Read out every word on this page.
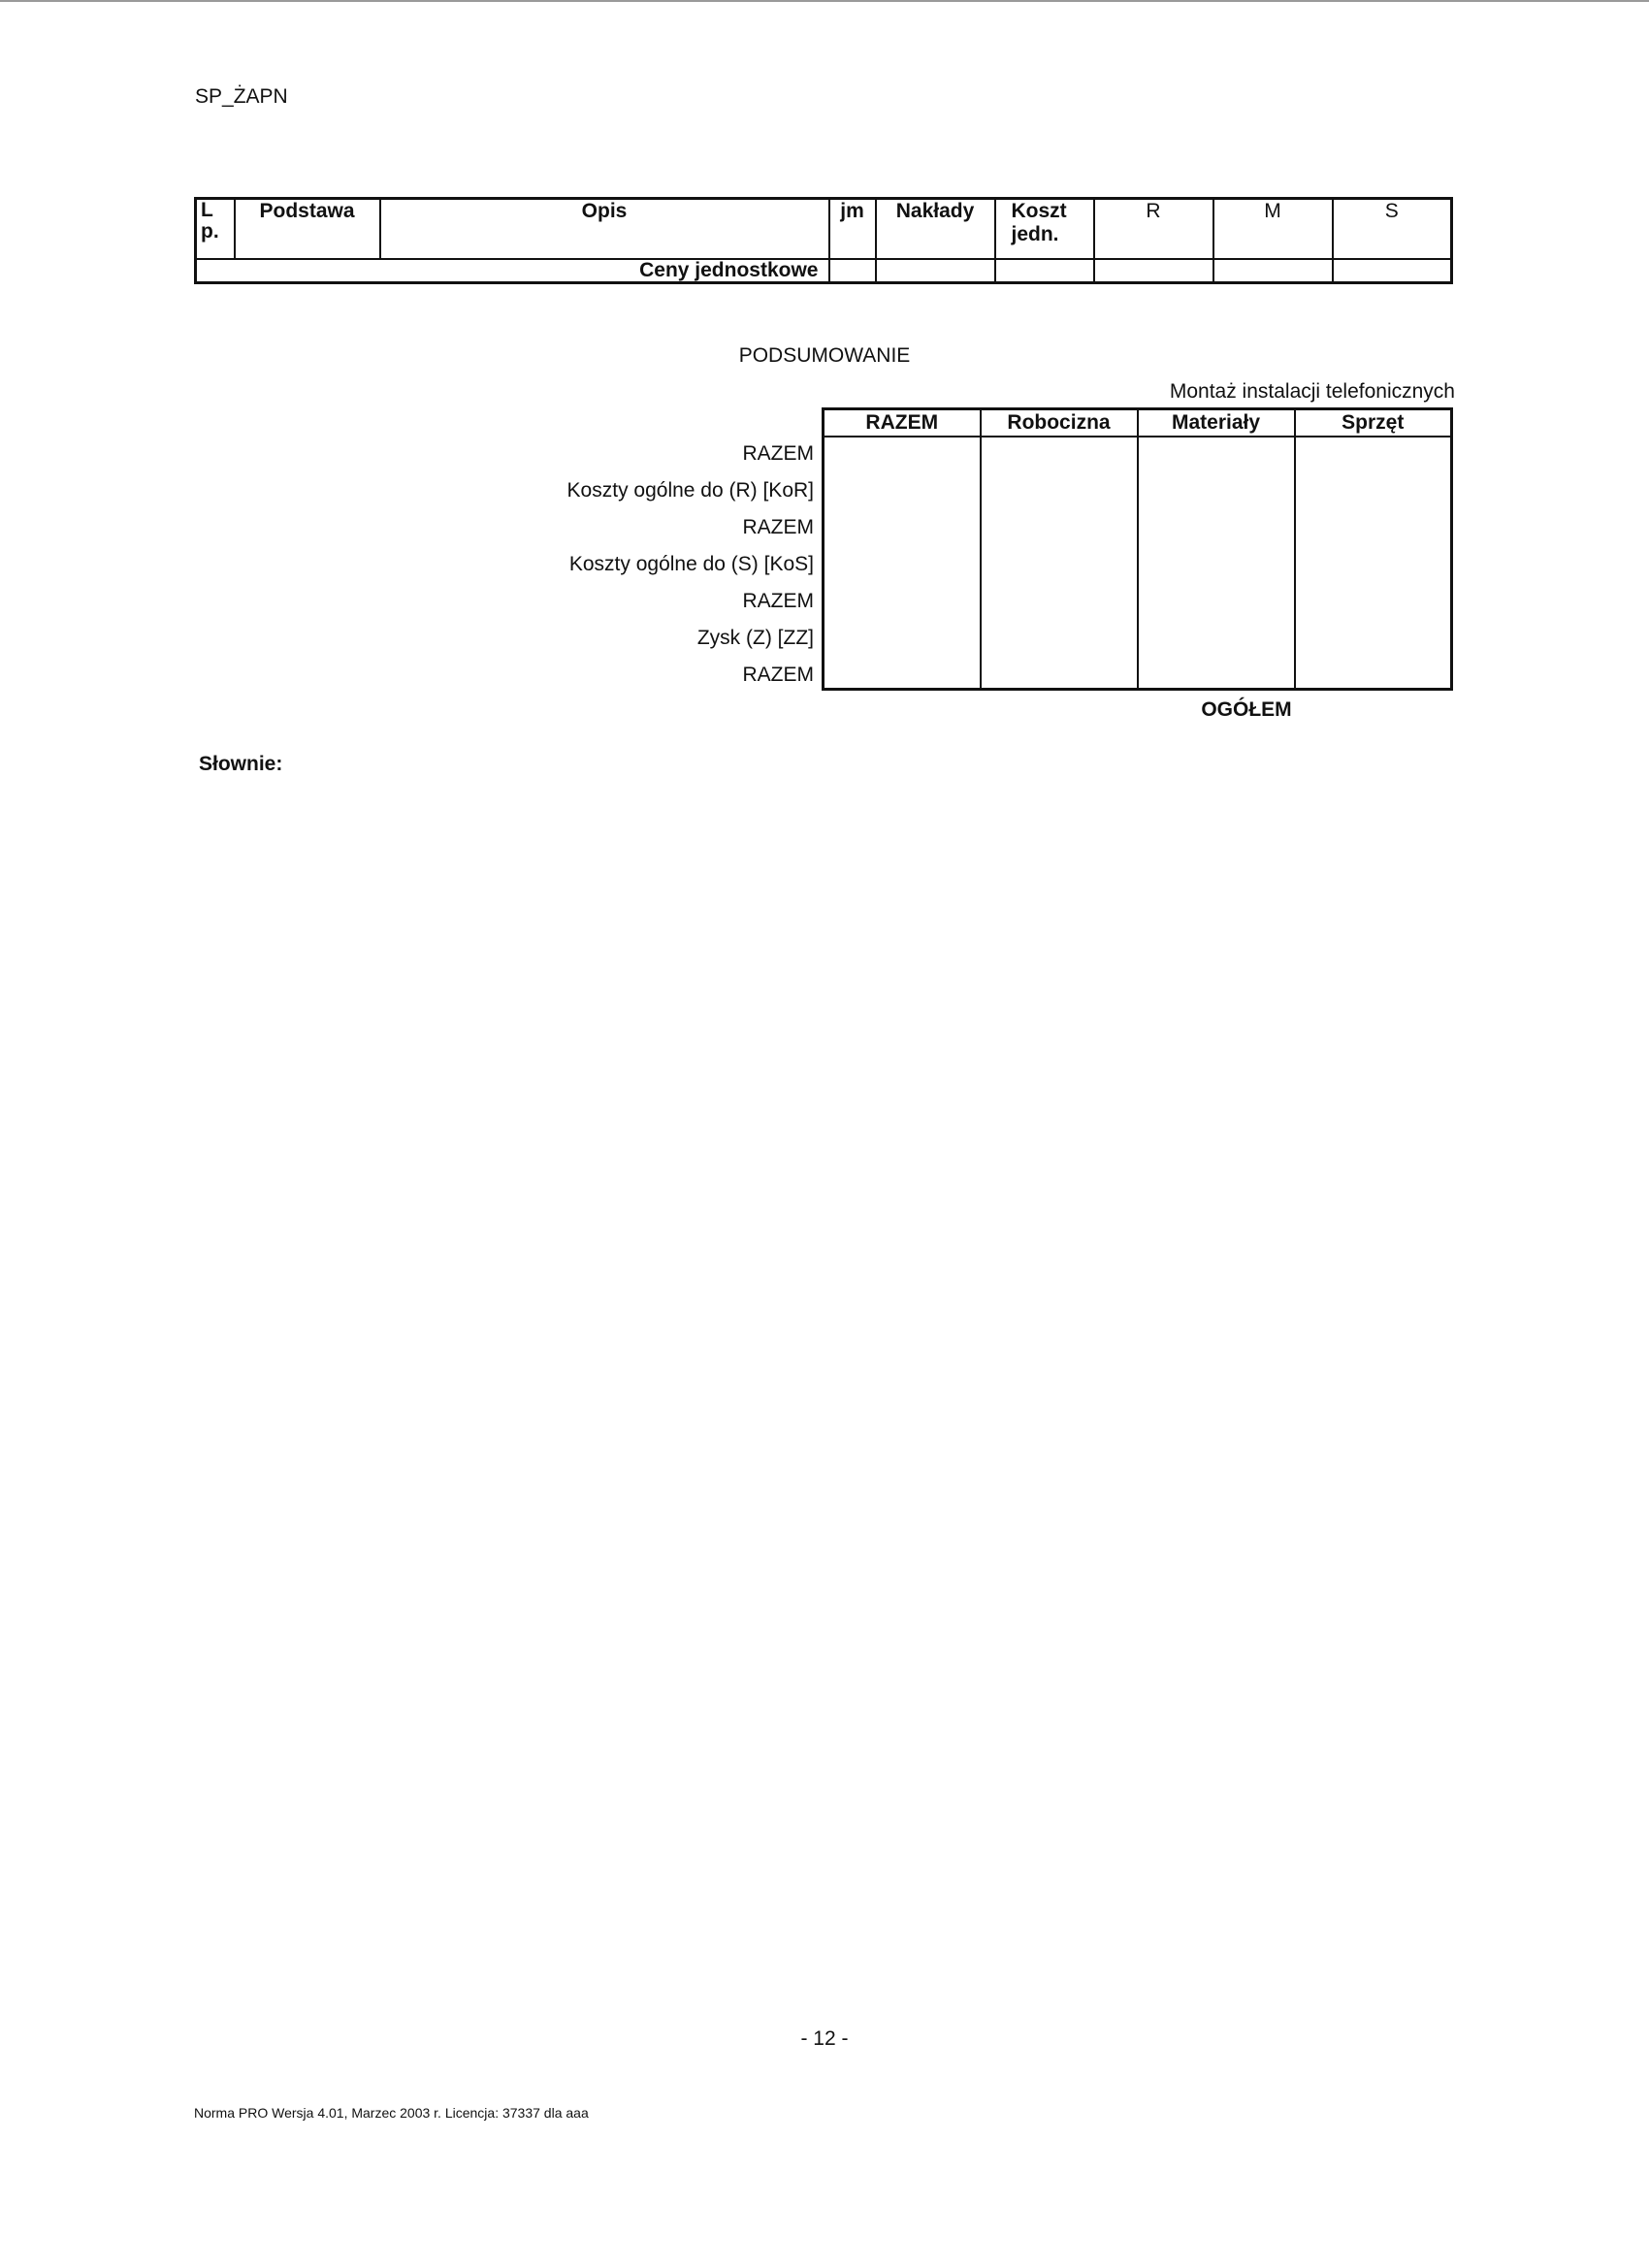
SP_ŻAPN
L p.	Podstawa	Opis	jm	Nakłady	Koszt jedn.	R	M	S
Ceny jednostkowe								
PODSUMOWANIE
Montaż instalacji telefonicznych
RAZEM
Koszty ogólne do (R) [KoR]
RAZEM
Koszty ogólne do (S) [KoS]
RAZEM
Zysk (Z) [ZZ]
RAZEM
RAZEM	Robocizna	Materiały	Sprzęt

OGÓŁEM
Słownie:
- 12 -
Norma PRO Wersja 4.01, Marzec 2003 r. Licencja: 37337 dla aaa
